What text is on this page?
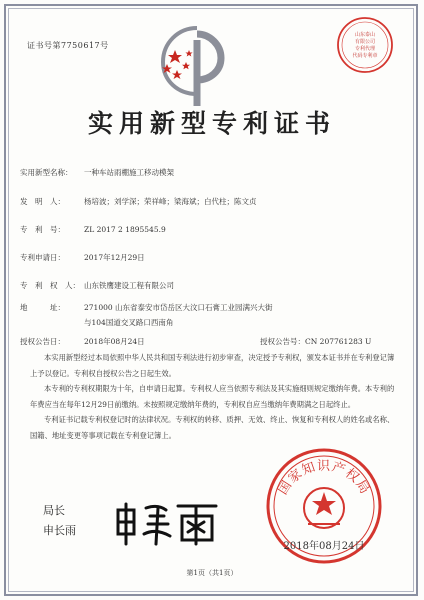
证书号第7750617号
山东泰山
有限公司
专利代理
代码专利章
实用新型专利证书
实用新型名称： 一种车站雨棚施工移动模架
发　明　人：	杨培波；刘学深；荣祥峰；梁海斌；白代柱；陈文贞
专　利　号：	ZL 2017 2 1895545.9
专利申请日：	2017年12月29日
专　利　权　人： 山东铁鹰建设工程有限公司
地　　　址：	271000 山东省泰安市岱岳区大汶口石膏工业园满兴大街
与104国道交叉路口西南角
授权公告日：	2018年08月24日	授权公告号：CN 207761283 U

本实用新型经过本局依照中华人民共和国专利法进行初步审查，决定授予专利权，颁发本证书并在专利登记簿上予以登记。专利权自授权公告之日起生效。

本专利的专利权期限为十年，自申请日起算。专利权人应当依照专利法及其实施细则规定缴纳年费。本专利的年费应当在每年12月29日前缴纳。未按照规定缴纳年费的，专利权自应当缴纳年费期满之日起终止。

专利证书记载专利权登记时的法律状况。专利权的转移、质押、无效、终止、恢复和专利权人的姓名或名称、国籍、地址变更等事项记载在专利登记簿上。

局长
申长雨
国家知识产权局
2018年08月24日
第1页（共1页）
